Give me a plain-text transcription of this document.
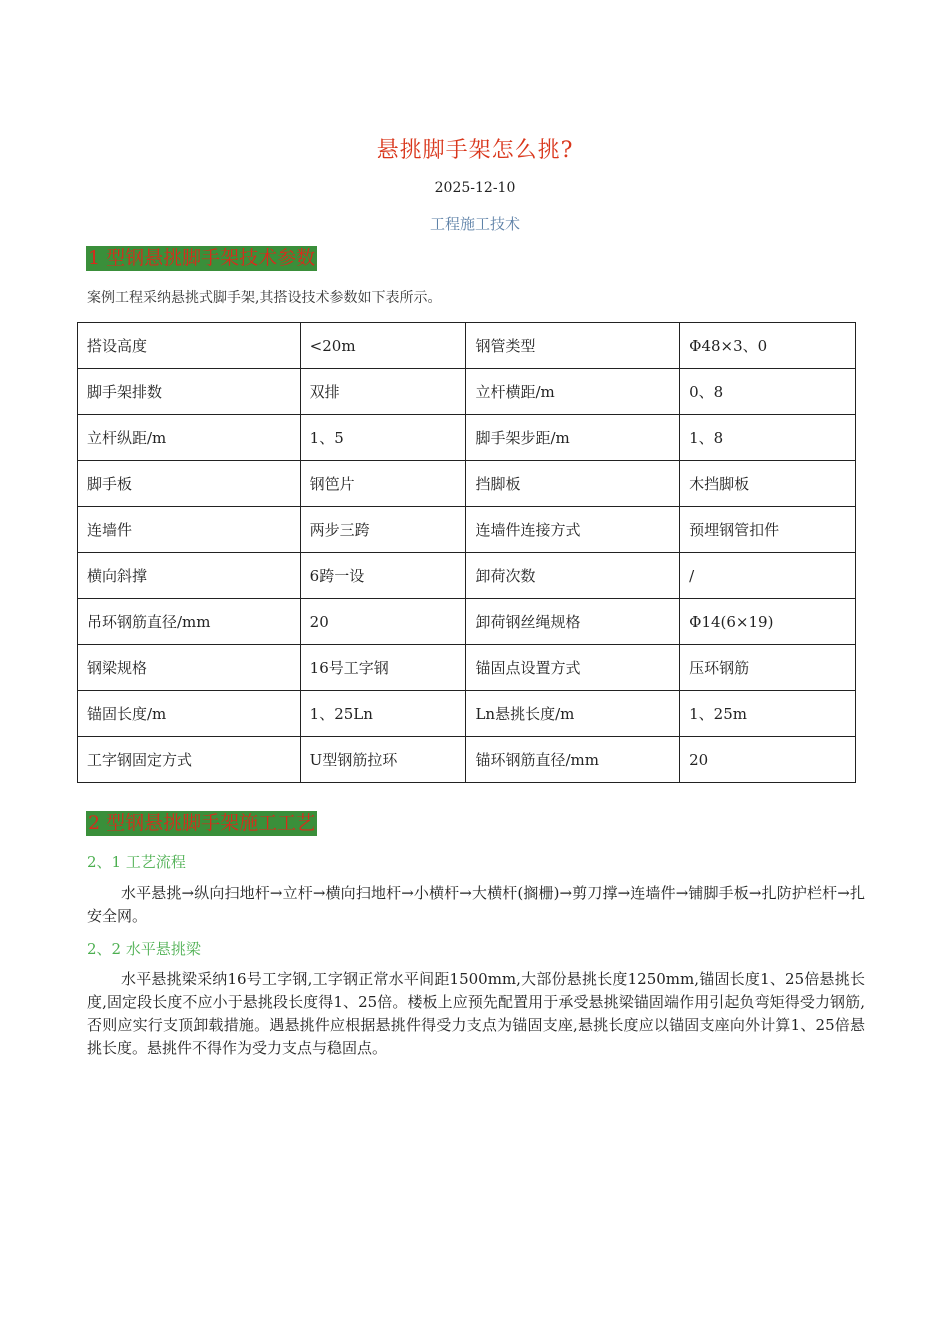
悬挑脚手架怎么挑?
2025-12-10
工程施工技术
1 型钢悬挑脚手架技术参数
案例工程采纳悬挑式脚手架,其搭设技术参数如下表所示。
搭设高度	<20m	钢管类型	Φ48×3、0
脚手架排数	双排	立杆横距/m	0、8
立杆纵距/m	1、5	脚手架步距/m	1、8
脚手板	钢笆片	挡脚板	木挡脚板
连墙件	两步三跨	连墙件连接方式	预埋钢管扣件
横向斜撑	6跨一设	卸荷次数	/
吊环钢筋直径/mm	20	卸荷钢丝绳规格	Φ14(6×19)
钢梁规格	16号工字钢	锚固点设置方式	压环钢筋
锚固长度/m	1、25Ln	Ln悬挑长度/m	1、25m
工字钢固定方式	U型钢筋拉环	锚环钢筋直径/mm	20
2 型钢悬挑脚手架施工工艺
2、1 工艺流程
水平悬挑→纵向扫地杆→立杆→横向扫地杆→小横杆→大横杆(搁栅)→剪刀撑→连墙件→铺脚手板→扎防护栏杆→扎安全网。
2、2 水平悬挑梁
水平悬挑梁采纳16号工字钢,工字钢正常水平间距1500mm,大部份悬挑长度1250mm,锚固长度1、25倍悬挑长度,固定段长度不应小于悬挑段长度得1、25倍。楼板上应预先配置用于承受悬挑梁锚固端作用引起负弯矩得受力钢筋,否则应实行支顶卸载措施。遇悬挑件应根据悬挑件得受力支点为锚固支座,悬挑长度应以锚固支座向外计算1、25倍悬挑长度。悬挑件不得作为受力支点与稳固点。
